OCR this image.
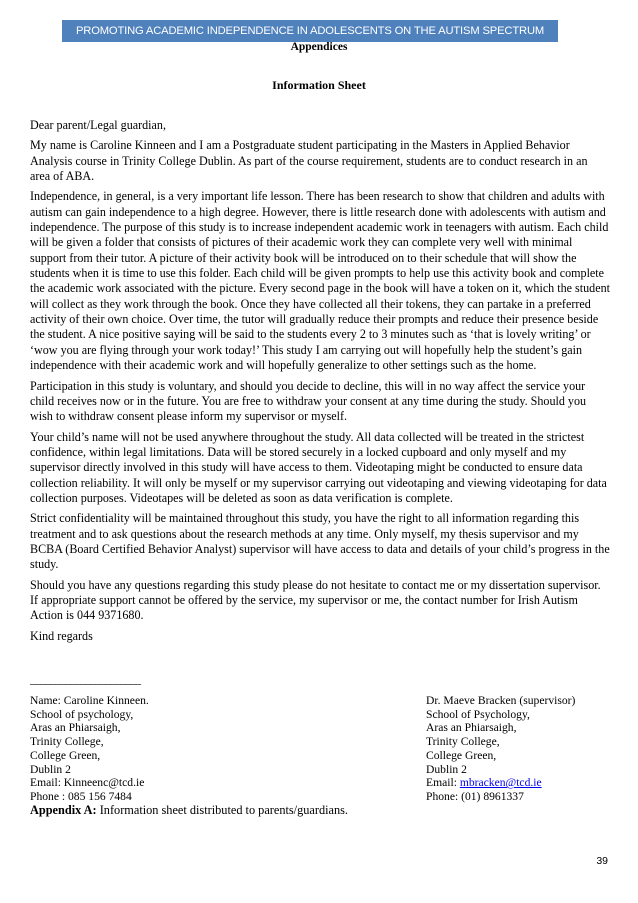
PROMOTING ACADEMIC INDEPENDENCE IN ADOLESCENTS ON THE AUTISM SPECTRUM
Appendices
Information Sheet

Dear parent/Legal guardian,

My name is Caroline Kinneen and I am a Postgraduate student participating in the Masters in Applied Behavior Analysis course in Trinity College Dublin. As part of the course requirement, students are to conduct research in an area of ABA.

Independence, in general, is a very important life lesson. There has been research to show that children and adults with autism can gain independence to a high degree. However, there is little research done with adolescents with autism and independence. The purpose of this study is to increase independent academic work in teenagers with autism. Each child will be given a folder that consists of pictures of their academic work they can complete very well with minimal support from their tutor. A picture of their activity book will be introduced on to their schedule that will show the students when it is time to use this folder. Each child will be given prompts to help use this activity book and complete the academic work associated with the picture. Every second page in the book will have a token on it, which the student will collect as they work through the book. Once they have collected all their tokens, they can partake in a preferred activity of their own choice. Over time, the tutor will gradually reduce their prompts and reduce their presence beside the student. A nice positive saying will be said to the students every 2 to 3 minutes such as ‘that is lovely writing’ or ‘wow you are flying through your work today!’ This study I am carrying out will hopefully help the student’s gain independence with their academic work and will hopefully generalize to other settings such as the home.

Participation in this study is voluntary, and should you decide to decline, this will in no way affect the service your child receives now or in the future. You are free to withdraw your consent at any time during the study. Should you wish to withdraw consent please inform my supervisor or myself.

Your child’s name will not be used anywhere throughout the study. All data collected will be treated in the strictest confidence, within legal limitations. Data will be stored securely in a locked cupboard and only myself and my supervisor directly involved in this study will have access to them. Videotaping might be conducted to ensure data collection reliability. It will only be myself or my supervisor carrying out videotaping and viewing videotaping for data collection purposes. Videotapes will be deleted as soon as data verification is complete.

Strict confidentiality will be maintained throughout this study, you have the right to all information regarding this treatment and to ask questions about the research methods at any time. Only myself, my thesis supervisor and my BCBA (Board Certified Behavior Analyst) supervisor will have access to data and details of your child’s progress in the study.

Should you have any questions regarding this study please do not hesitate to contact me or my dissertation supervisor. If appropriate support cannot be offered by the service, my supervisor or me, the contact number for Irish Autism Action is 044 9371680.

Kind regards

______________________
Name: Caroline Kinneen.
School of psychology,
Aras an Phiarsaigh,
Trinity College,
College Green,
Dublin 2
Email: Kinneenc@tcd.ie
Phone : 085 156 7484
Dr. Maeve Bracken (supervisor)
School of Psychology,
Aras an Phiarsaigh,
Trinity College,
College Green,
Dublin 2
Email: mbracken@tcd.ie
Phone: (01) 8961337
Appendix A: Information sheet distributed to parents/guardians.
39
